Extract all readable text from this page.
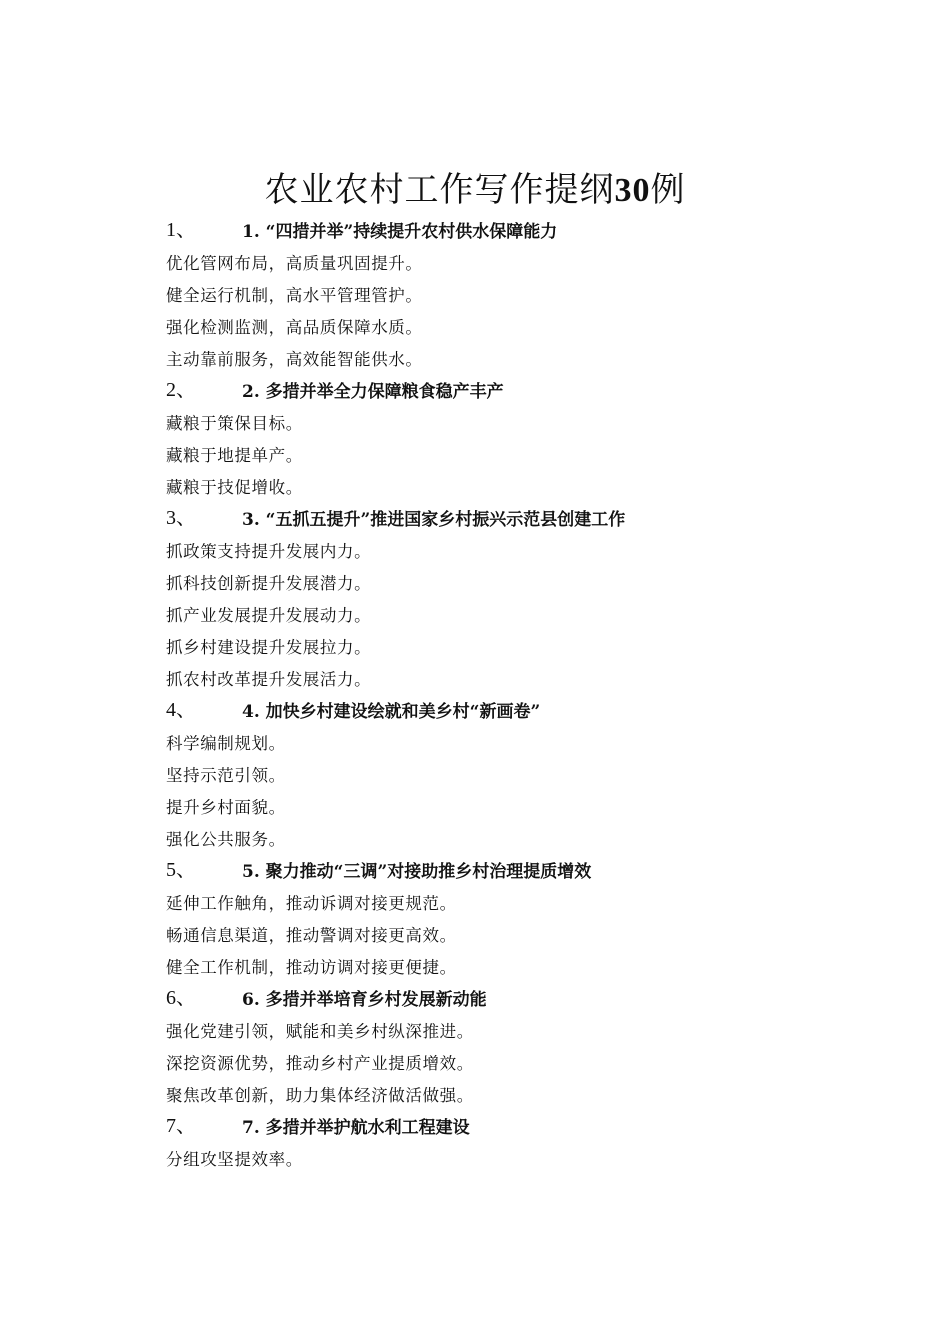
农业农村工作写作提纲30例
1、	1. “四措并举”持续提升农村供水保障能力
优化管网布局，高质量巩固提升。
健全运行机制，高水平管理管护。
强化检测监测，高品质保障水质。
主动靠前服务，高效能智能供水。
2、	2. 多措并举全力保障粮食稳产丰产
藏粮于策保目标。
藏粮于地提单产。
藏粮于技促增收。
3、	3. “五抓五提升”推进国家乡村振兴示范县创建工作
抓政策支持提升发展内力。
抓科技创新提升发展潜力。
抓产业发展提升发展动力。
抓乡村建设提升发展拉力。
抓农村改革提升发展活力。
4、	4. 加快乡村建设绘就和美乡村“新画卷”
科学编制规划。
坚持示范引领。
提升乡村面貌。
强化公共服务。
5、	5. 聚力推动“三调”对接助推乡村治理提质增效
延伸工作触角，推动诉调对接更规范。
畅通信息渠道，推动警调对接更高效。
健全工作机制，推动访调对接更便捷。
6、	6. 多措并举培育乡村发展新动能
强化党建引领，赋能和美乡村纵深推进。
深挖资源优势，推动乡村产业提质增效。
聚焦改革创新，助力集体经济做活做强。
7、	7. 多措并举护航水利工程建设
分组攻坚提效率。
